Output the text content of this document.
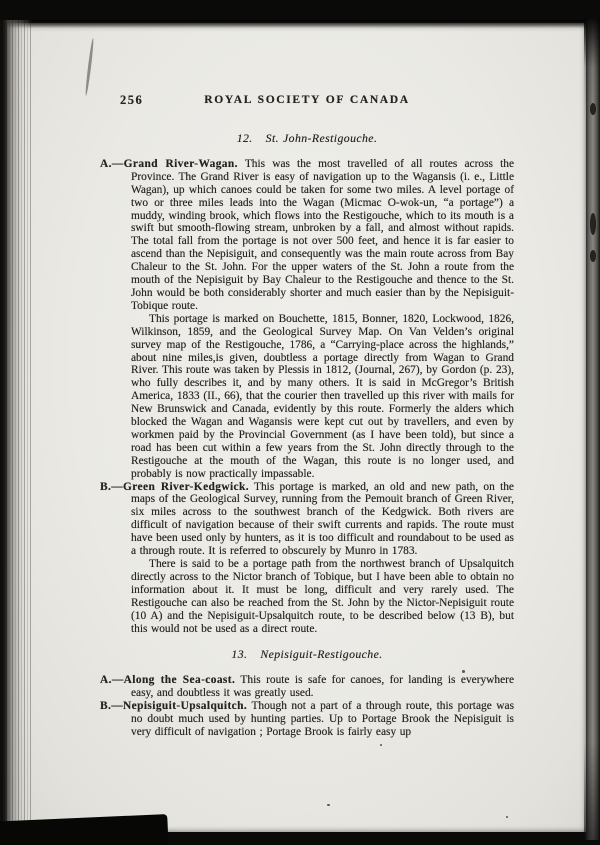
256	ROYAL SOCIETY OF CANADA
12. St. John-Restigouche.

A.—Grand River-Wagan. This was the most travelled of all routes across the Province. The Grand River is easy of navigation up to the Wagansis (i. e., Little Wagan), up which canoes could be taken for some two miles. A level portage of two or three miles leads into the Wagan (Micmac O-wok-un, “a portage”) a muddy, winding brook, which flows into the Restigouche, which to its mouth is a swift but smooth-flowing stream, unbroken by a fall, and almost without rapids. The total fall from the portage is not over 500 feet, and hence it is far easier to ascend than the Nepisiguit, and consequently was the main route across from Bay Chaleur to the St. John. For the upper waters of the St. John a route from the mouth of the Nepisiguit by Bay Chaleur to the Restigouche and thence to the St. John would be both considerably shorter and much easier than by the Nepisiguit-Tobique route.

This portage is marked on Bouchette, 1815, Bonner, 1820, Lockwood, 1826, Wilkinson, 1859, and the Geological Survey Map. On Van Velden’s original survey map of the Restigouche, 1786, a “Carrying-place across the highlands,” about nine miles,is given, doubtless a portage directly from Wagan to Grand River. This route was taken by Plessis in 1812, (Journal, 267), by Gordon (p. 23), who fully describes it, and by many others. It is said in McGregor’s British America, 1833 (II., 66), that the courier then travelled up this river with mails for New Brunswick and Canada, evidently by this route. Formerly the alders which blocked the Wagan and Wagansis were kept cut out by travellers, and even by workmen paid by the Provincial Government (as I have been told), but since a road has been cut within a few years from the St. John directly through to the Restigouche at the mouth of the Wagan, this route is no longer used, and probably is now practically impassable.

B.—Green River-Kedgwick. This portage is marked, an old and new path, on the maps of the Geological Survey, running from the Pemouit branch of Green River, six miles across to the southwest branch of the Kedgwick. Both rivers are difficult of navigation because of their swift currents and rapids. The route must have been used only by hunters, as it is too difficult and roundabout to be used as a through route. It is referred to obscurely by Munro in 1783.

There is said to be a portage path from the northwest branch of Upsalquitch directly across to the Nictor branch of Tobique, but I have been able to obtain no information about it. It must be long, difficult and very rarely used. The Restigouche can also be reached from the St. John by the Nictor-Nepisiguit route (10 A) and the Nepisiguit-Upsalquitch route, to be described below (13 B), but this would not be used as a direct route.

13. Nepisiguit-Restigouche.

A.—Along the Sea-coast. This route is safe for canoes, for landing is everywhere easy, and doubtless it was greatly used.

B.—Nepisiguit-Upsalquitch. Though not a part of a through route, this portage was no doubt much used by hunting parties. Up to Portage Brook the Nepisiguit is very difficult of navigation ; Portage Brook is fairly easy up
